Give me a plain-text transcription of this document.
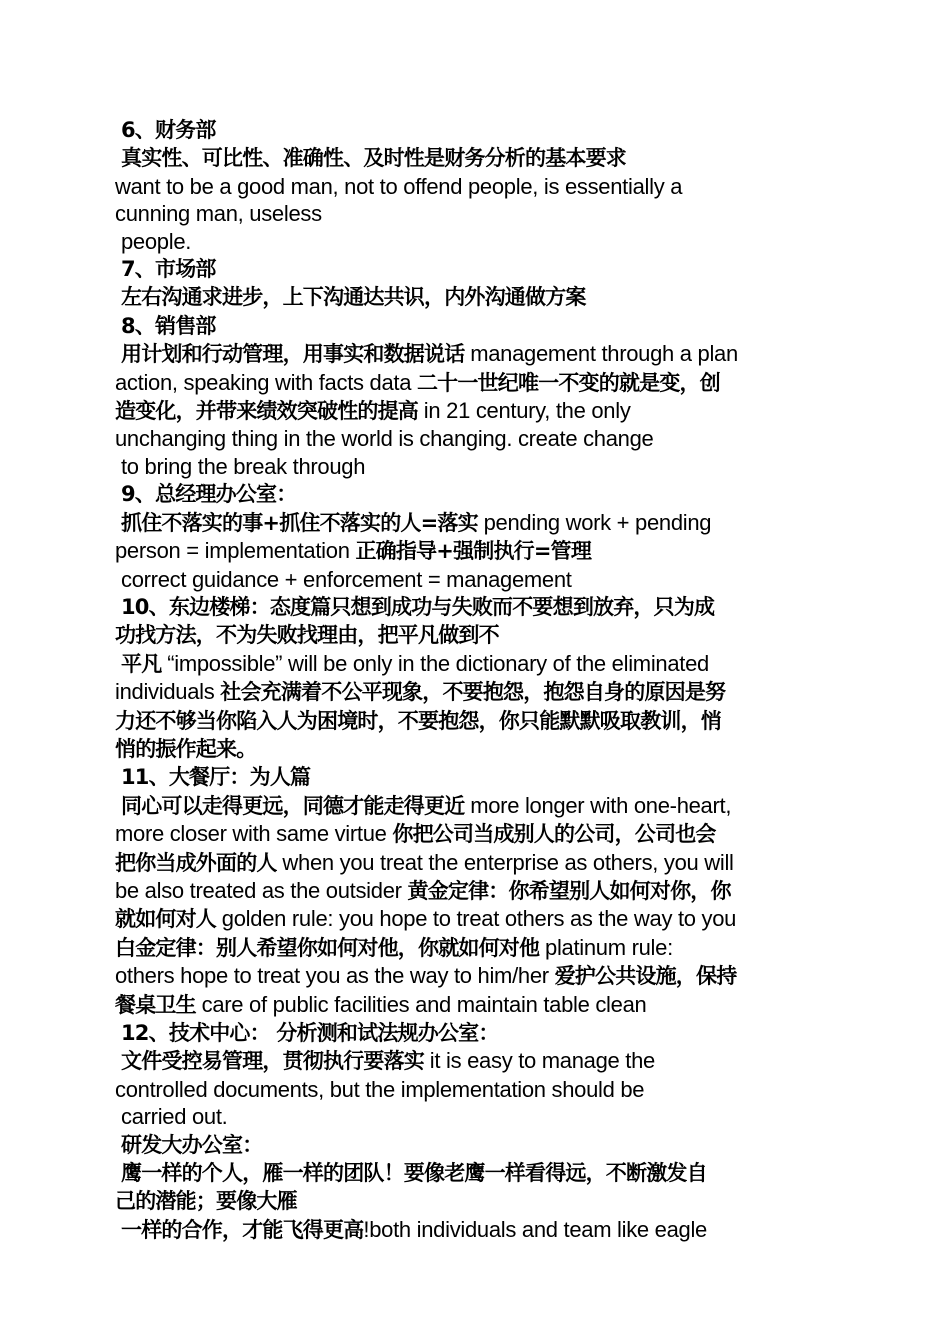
6、财务部
真实性、可比性、准确性、及时性是财务分析的基本要求
want to be a good man, not to offend people, is essentially a
cunning man, useless
people.
7、市场部
左右沟通求进步，上下沟通达共识，内外沟通做方案
8、销售部
用计划和行动管理，用事实和数据说话 management through a plan
action, speaking with facts data 二十一世纪唯一不变的就是变，创
造变化，并带来绩效突破性的提高 in 21 century, the only
unchanging thing in the world is changing. create change
to bring the break through
9、总经理办公室：
抓住不落实的事+抓住不落实的人=落实 pending work + pending
person = implementation 正确指导+强制执行=管理
correct guidance + enforcement = management
10、东边楼梯：态度篇只想到成功与失败而不要想到放弃，只为成
功找方法，不为失败找理由，把平凡做到不
平凡 “impossible” will be only in the dictionary of the eliminated
individuals 社会充满着不公平现象，不要抱怨，抱怨自身的原因是努
力还不够当你陷入人为困境时，不要抱怨，你只能默默吸取教训，悄
悄的振作起来。
11、大餐厅：为人篇
同心可以走得更远，同德才能走得更近 more longer with one-heart,
more closer with same virtue 你把公司当成别人的公司，公司也会
把你当成外面的人 when you treat the enterprise as others, you will
be also treated as the outsider 黄金定律：你希望别人如何对你，你
就如何对人 golden rule: you hope to treat others as the way to you
白金定律：别人希望你如何对他，你就如何对他 platinum rule:
others hope to treat you as the way to him/her 爱护公共设施，保持
餐桌卫生 care of public facilities and maintain table clean
12、技术中心： 分析测和试法规办公室：
文件受控易管理，贯彻执行要落实 it is easy to manage the
controlled documents, but the implementation should be
carried out.
研发大办公室：
鹰一样的个人，雁一样的团队！要像老鹰一样看得远，不断激发自
己的潜能；要像大雁
一样的合作，才能飞得更高!both individuals and team like eagle
